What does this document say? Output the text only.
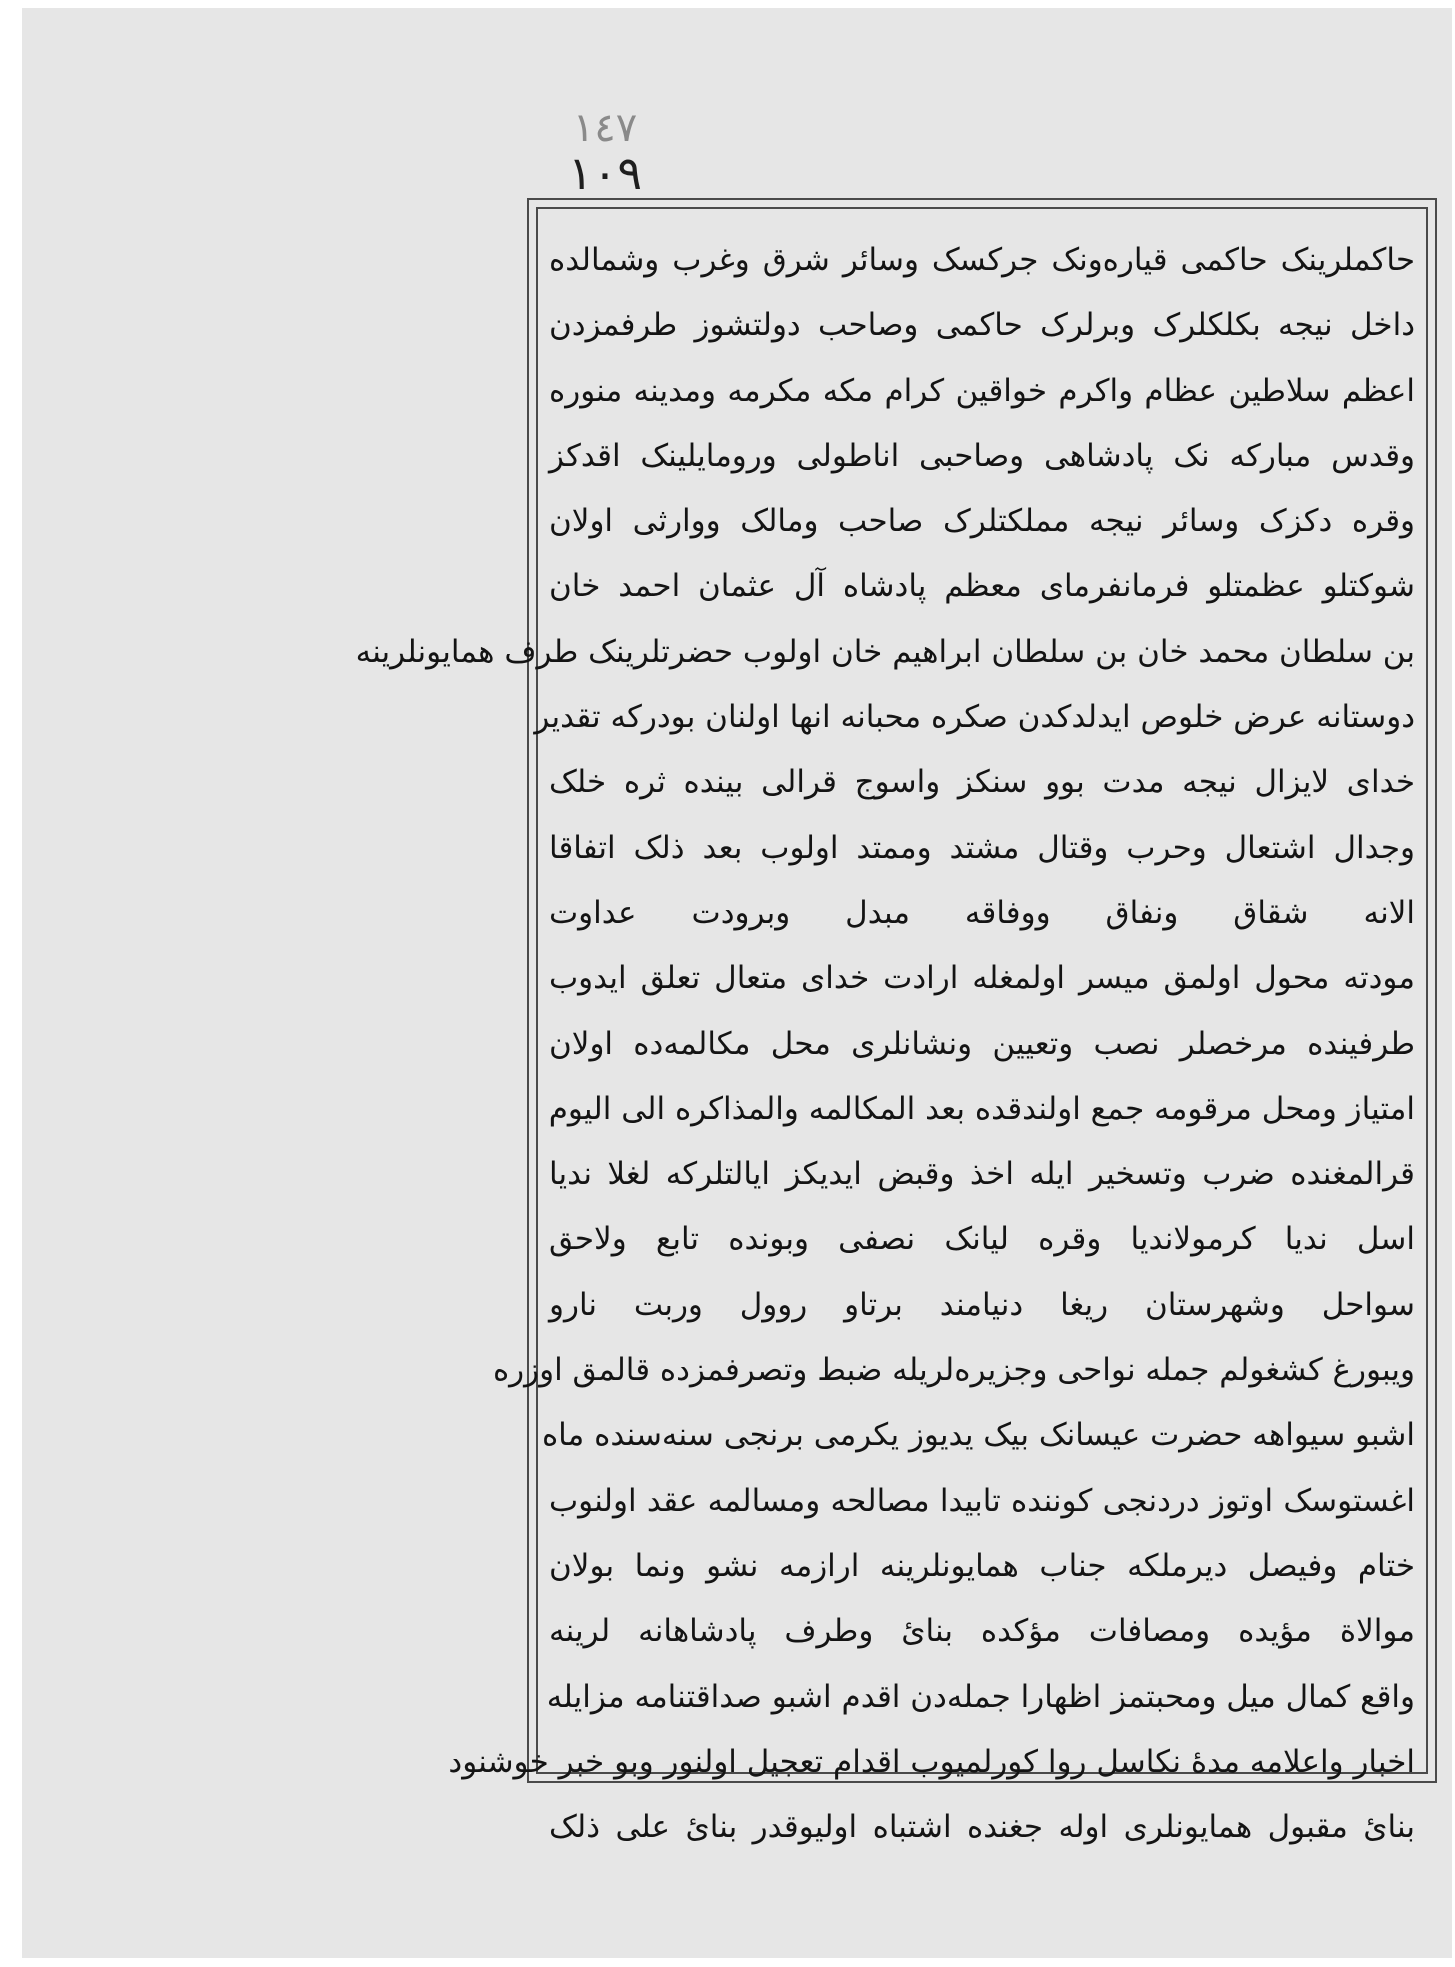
١٤٧
١٠٩
حاکملرینک حاکمی قیاره‌ونک جرکسک وسائر شرق وغرب وشمالده
داخل نیجه بکلکلرک وبرلرک حاکمی وصاحب دولتشوز طرفمزدن
اعظم سلاطین عظام واکرم خواقین کرام مکه مکرمه ومدینه منوره
وقدس مبارکه نک پادشاهی وصاحبی اناطولی ورومایلینک اقدکز
وقره دکزک وسائر نیجه مملکتلرک صاحب ومالک ووارثی اولان
شوکتلو عظمتلو فرمانفرمای معظم پادشاه آل عثمان احمد خان
بن سلطان محمد خان بن سلطان ابراهیم خان اولوب حضرتلرینک طرف همایونلرینه
دوستانه عرض خلوص ایدلدکدن صکره محبانه انها اولنان بودرکه تقدیر
خدای لایزال نیجه مدت بوو سنکز واسوج قرالی بینده ثره خلک
وجدال اشتعال وحرب وقتال مشتد وممتد اولوب بعد ذلک اتفاقا
الانه شقاق ونفاق ووفاقه مبدل وبرودت عداوت
مودته محول اولمق میسر اولمغله ارادت خدای متعال تعلق ایدوب
طرفینده مرخصلر نصب وتعیین ونشانلری محل مکالمه‌ده اولان
امتیاز ومحل مرقومه جمع اولندقده بعد المکالمه والمذاکره الی الیوم
قرالمغنده ضرب وتسخیر ایله اخذ وقبض ایدیکز ایالتلرکه لغلا ندیا
اسل ندیا کرمولاندیا وقره لیانک نصفی وبونده تابع ولاحق
سواحل وشهرستان ریغا دنیامند برتاو روول وربت نارو
ویبورغ کشغولم جمله نواحی وجزیره‌لریله ضبط وتصرفمزده قالمق اوزره
اشبو سیواهه حضرت عیسانک بیک یدیوز یکرمی برنجی سنه‌سنده ماه
اغستوسک اوتوز دردنجی کوننده تابیدا مصالحه ومسالمه عقد اولنوب
ختام وفیصل دیرملکه جناب همایونلرینه ارازمه نشو ونما بولان
موالاة مؤیده ومصافات مؤکده بنائ وطرف پادشاهانه لرینه
واقع کمال میل ومحبتمز اظهارا جمله‌دن اقدم اشبو صداقتنامه مزایله
اخبار واعلامه مدهٔ نکاسل روا کورلمیوب اقدام تعجیل اولنور وبو خبر خوشنود
بنائ مقبول همایونلری اوله جغنده اشتباه اولیوقدر بنائ علی ذلک
